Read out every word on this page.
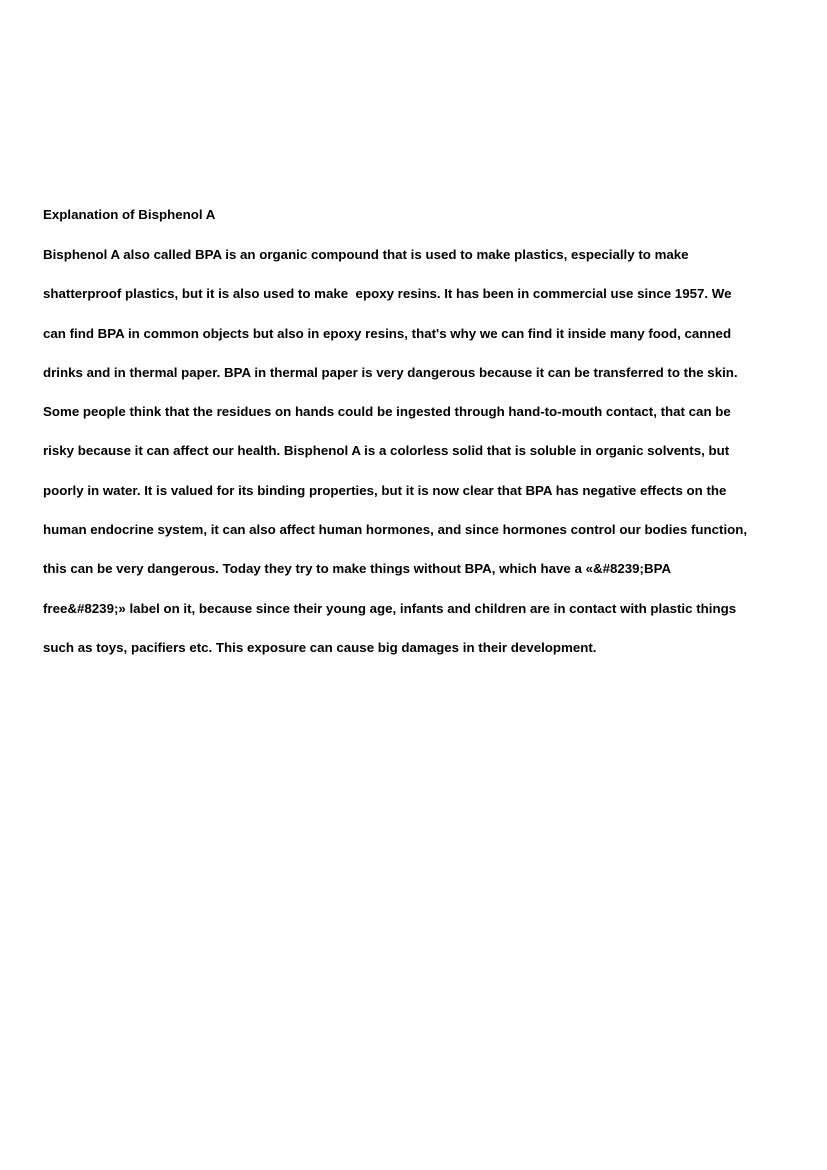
Explanation of Bisphenol A
Bisphenol A also called BPA is an organic compound that is used to make plastics, especially to make
shatterproof plastics, but it is also used to make  epoxy resins. It has been in commercial use since 1957. We
can find BPA in common objects but also in epoxy resins, that's why we can find it inside many food, canned
drinks and in thermal paper. BPA in thermal paper is very dangerous because it can be transferred to the skin.
Some people think that the residues on hands could be ingested through hand-to-mouth contact, that can be
risky because it can affect our health. Bisphenol A is a colorless solid that is soluble in organic solvents, but
poorly in water. It is valued for its binding properties, but it is now clear that BPA has negative effects on the
human endocrine system, it can also affect human hormones, and since hormones control our bodies function,
this can be very dangerous. Today they try to make things without BPA, which have a «&#8239;BPA
free&#8239;» label on it, because since their young age, infants and children are in contact with plastic things
such as toys, pacifiers etc. This exposure can cause big damages in their development.
